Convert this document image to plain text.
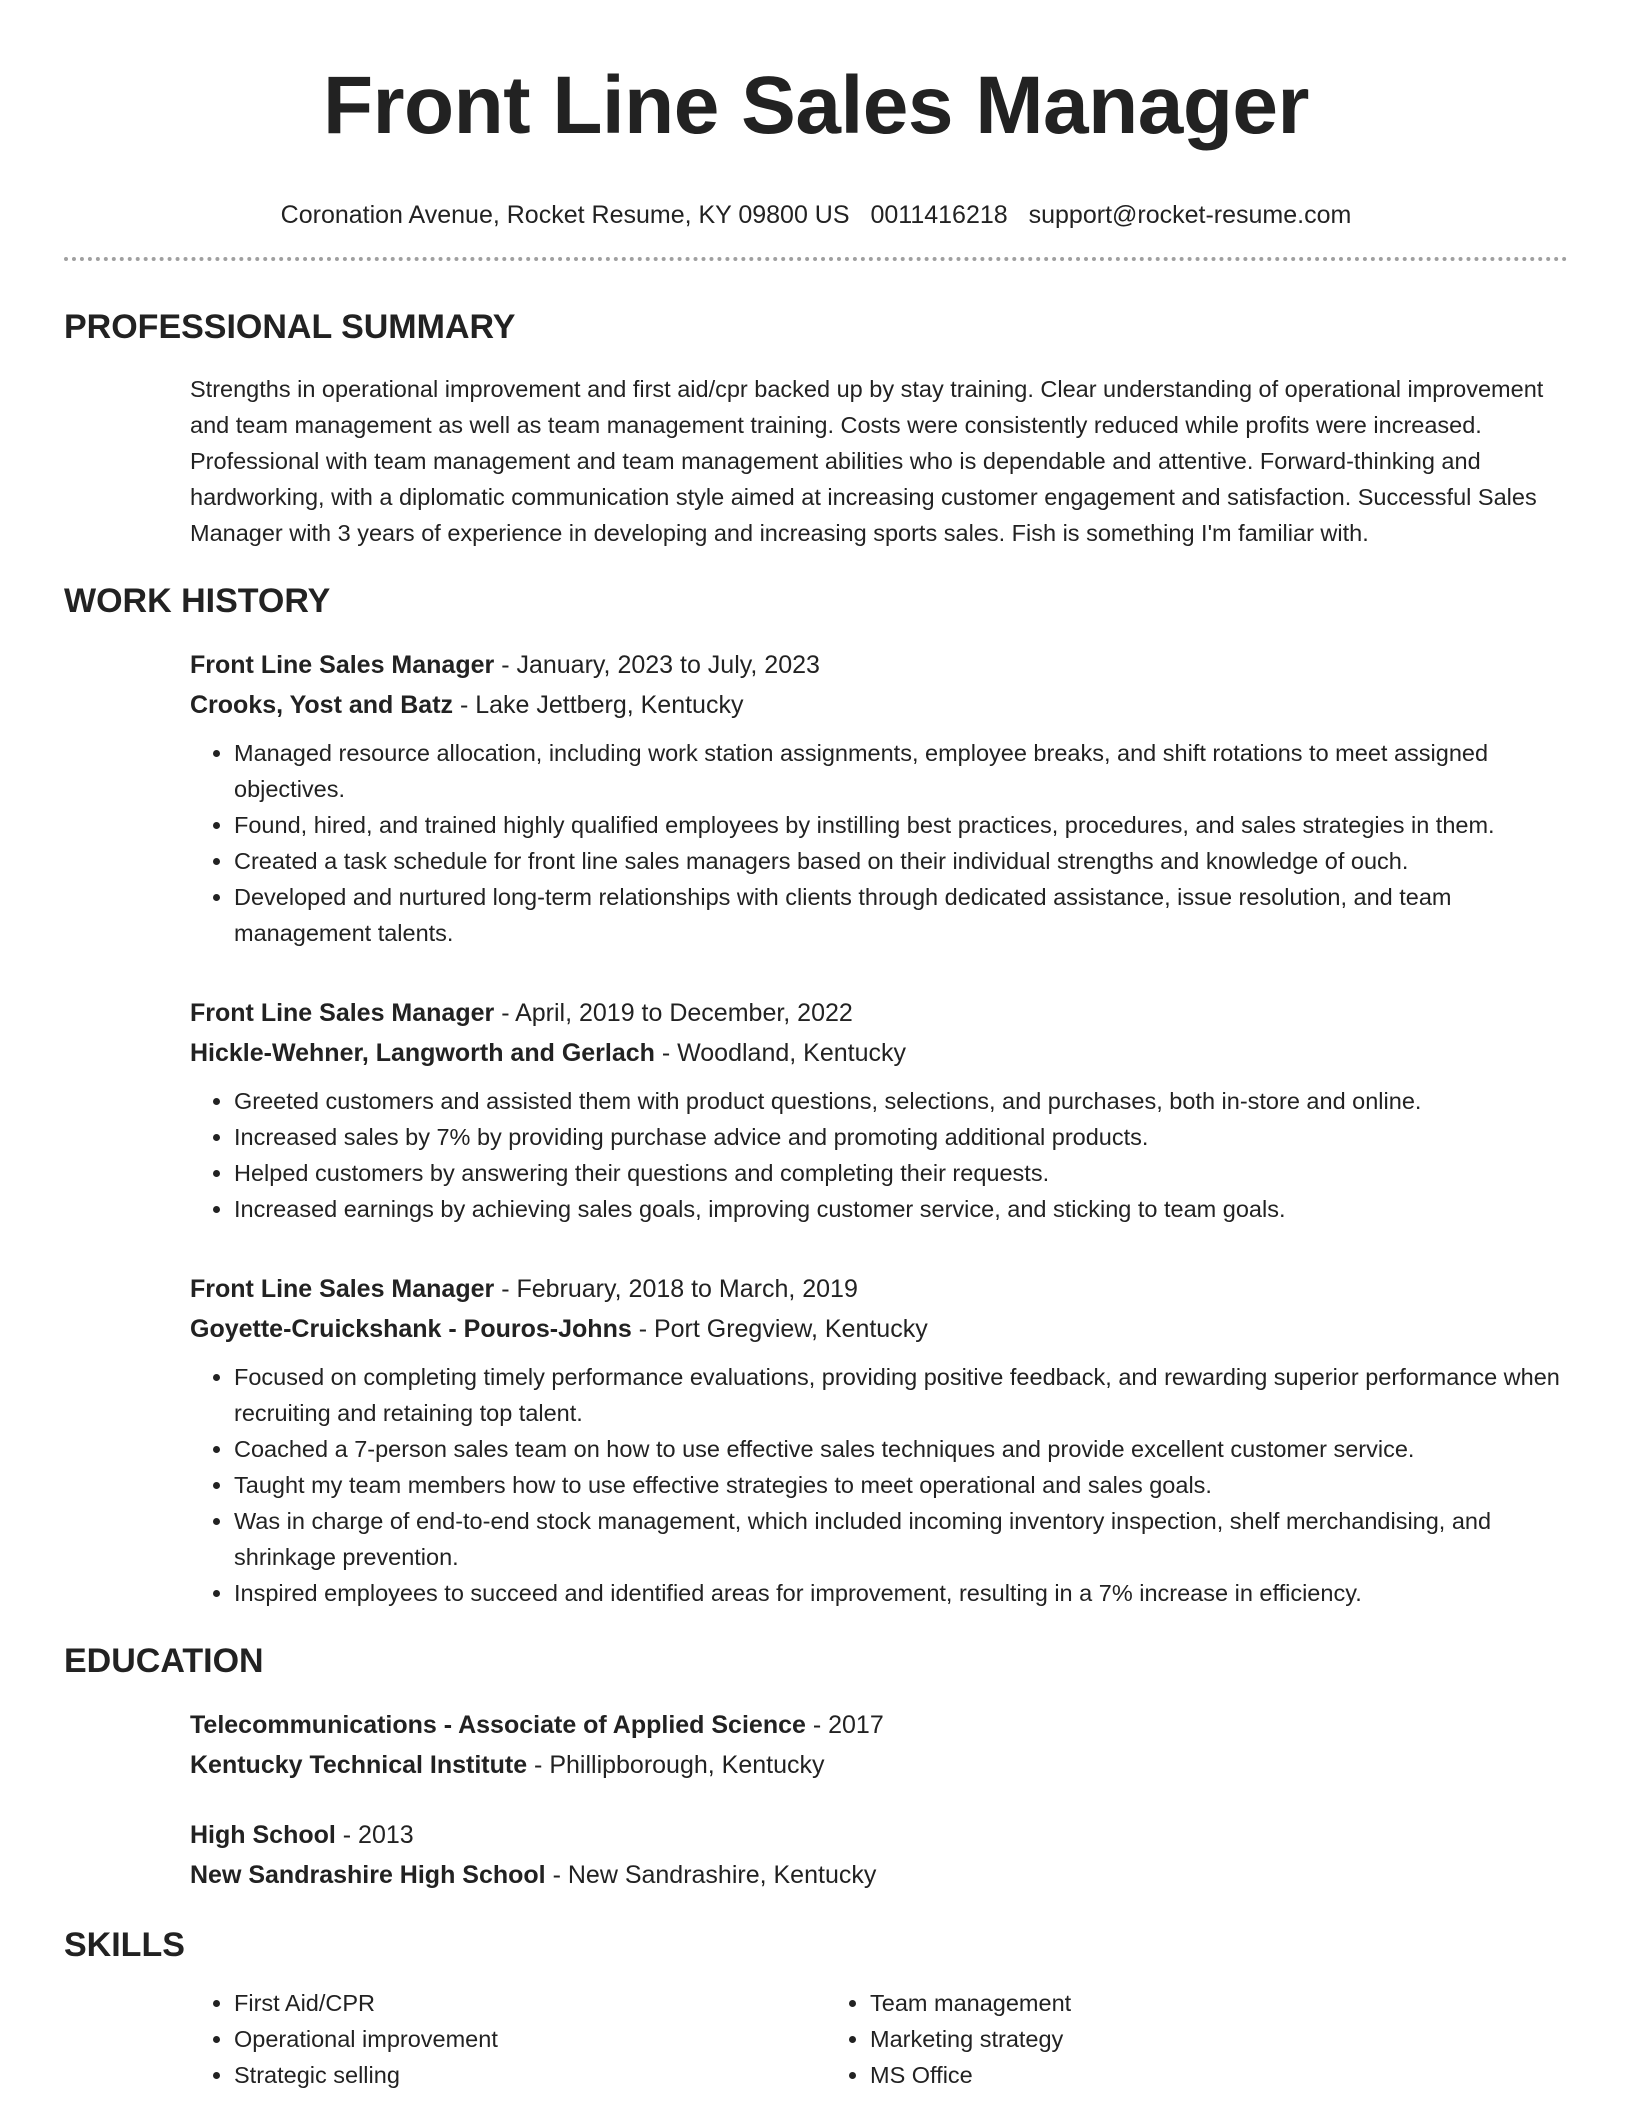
Front Line Sales Manager
Coronation Avenue, Rocket Resume, KY 09800 US 0011416218 support@rocket-resume.com
PROFESSIONAL SUMMARY
Strengths in operational improvement and first aid/cpr backed up by stay training. Clear understanding of operational improvement and team management as well as team management training. Costs were consistently reduced while profits were increased. Professional with team management and team management abilities who is dependable and attentive. Forward-thinking and hardworking, with a diplomatic communication style aimed at increasing customer engagement and satisfaction. Successful Sales Manager with 3 years of experience in developing and increasing sports sales. Fish is something I'm familiar with.
WORK HISTORY
Front Line Sales Manager - January, 2023 to July, 2023
Crooks, Yost and Batz - Lake Jettberg, Kentucky
• Managed resource allocation, including work station assignments, employee breaks, and shift rotations to meet assigned objectives.
• Found, hired, and trained highly qualified employees by instilling best practices, procedures, and sales strategies in them.
• Created a task schedule for front line sales managers based on their individual strengths and knowledge of ouch.
• Developed and nurtured long-term relationships with clients through dedicated assistance, issue resolution, and team management talents.
Front Line Sales Manager - April, 2019 to December, 2022
Hickle-Wehner, Langworth and Gerlach - Woodland, Kentucky
• Greeted customers and assisted them with product questions, selections, and purchases, both in-store and online.
• Increased sales by 7% by providing purchase advice and promoting additional products.
• Helped customers by answering their questions and completing their requests.
• Increased earnings by achieving sales goals, improving customer service, and sticking to team goals.
Front Line Sales Manager - February, 2018 to March, 2019
Goyette-Cruickshank - Pouros-Johns - Port Gregview, Kentucky
• Focused on completing timely performance evaluations, providing positive feedback, and rewarding superior performance when recruiting and retaining top talent.
• Coached a 7-person sales team on how to use effective sales techniques and provide excellent customer service.
• Taught my team members how to use effective strategies to meet operational and sales goals.
• Was in charge of end-to-end stock management, which included incoming inventory inspection, shelf merchandising, and shrinkage prevention.
• Inspired employees to succeed and identified areas for improvement, resulting in a 7% increase in efficiency.
EDUCATION
Telecommunications - Associate of Applied Science - 2017
Kentucky Technical Institute - Phillipborough, Kentucky
High School - 2013
New Sandrashire High School - New Sandrashire, Kentucky
SKILLS
• First Aid/CPR
• Operational improvement
• Strategic selling
• Team management
• Marketing strategy
• MS Office
